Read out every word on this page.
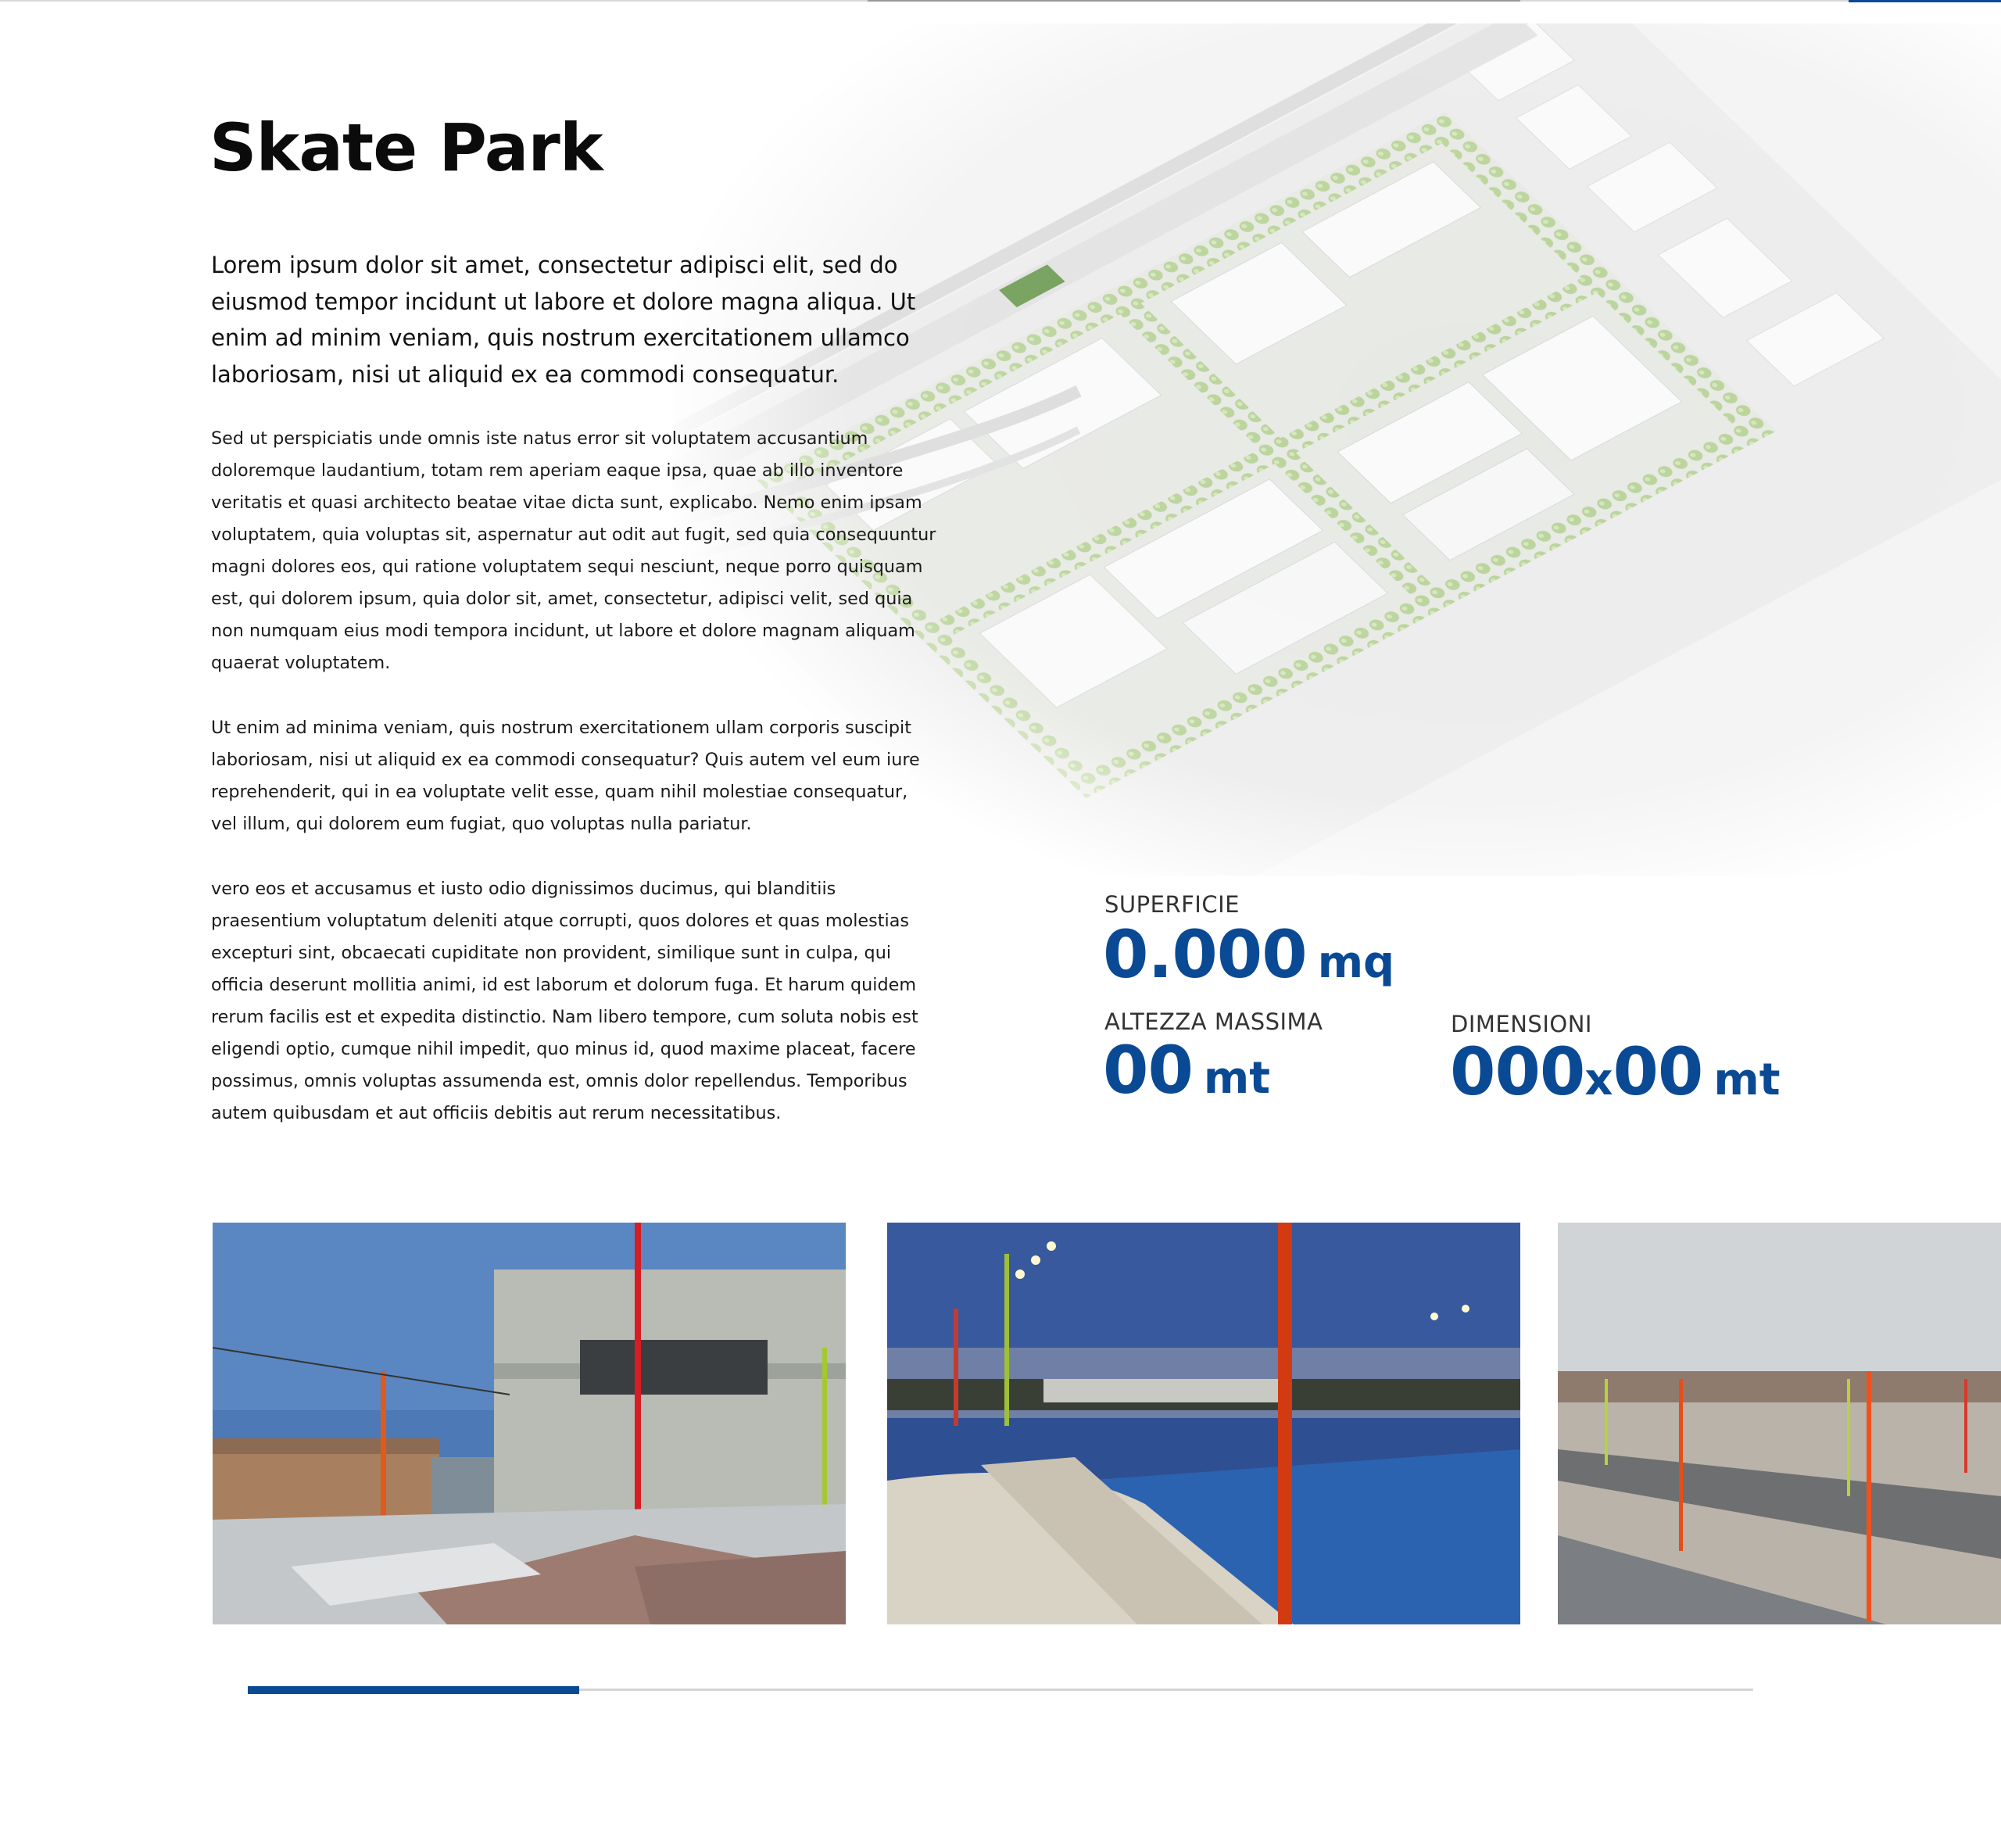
Skate Park

Lorem ipsum dolor sit amet, consectetur adipisci elit, sed do eiusmod tempor incidunt ut labore et dolore magna aliqua. Ut enim ad minim veniam, quis nostrum exercitationem ullamco laboriosam, nisi ut aliquid ex ea commodi consequatur.

Sed ut perspiciatis unde omnis iste natus error sit voluptatem accusantium doloremque laudantium, totam rem aperiam eaque ipsa, quae ab illo inventore veritatis et quasi architecto beatae vitae dicta sunt, explicabo. Nemo enim ipsam voluptatem, quia voluptas sit, aspernatur aut odit aut fugit, sed quia consequuntur magni dolores eos, qui ratione voluptatem sequi nesciunt, neque porro quisquam est, qui dolorem ipsum, quia dolor sit, amet, consectetur, adipisci velit, sed quia non numquam eius modi tempora incidunt, ut labore et dolore magnam aliquam quaerat voluptatem.

Ut enim ad minima veniam, quis nostrum exercitationem ullam corporis suscipit laboriosam, nisi ut aliquid ex ea commodi consequatur? Quis autem vel eum iure reprehenderit, qui in ea voluptate velit esse, quam nihil molestiae consequatur, vel illum, qui dolorem eum fugiat, quo voluptas nulla pariatur.

vero eos et accusamus et iusto odio dignissimos ducimus, qui blanditiis praesentium voluptatum deleniti atque corrupti, quos dolores et quas molestias excepturi sint, obcaecati cupiditate non provident, similique sunt in culpa, qui officia deserunt mollitia animi, id est laborum et dolorum fuga. Et harum quidem rerum facilis est et expedita distinctio. Nam libero tempore, cum soluta nobis est eligendi optio, cumque nihil impedit, quo minus id, quod maxime placeat, facere possimus, omnis voluptas assumenda est, omnis dolor repellendus. Temporibus autem quibusdam et aut officiis debitis aut rerum necessitatibus.

SUPERFICIE
0.000 mq
ALTEZZA MASSIMA
00 mt
DIMENSIONI
000x00 mt
